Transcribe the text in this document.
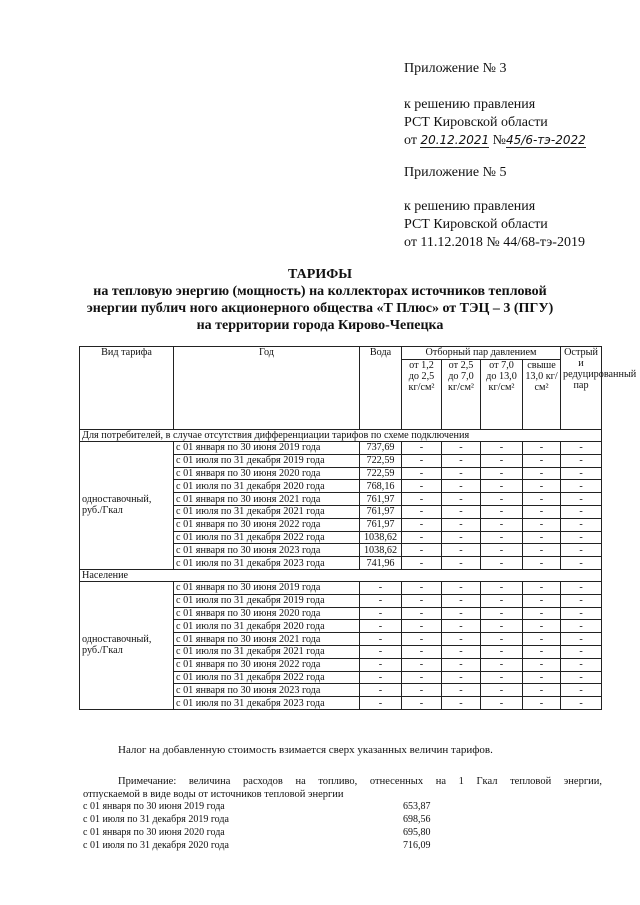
Приложение № 3
к решению правления
РСТ Кировской области
от 20.12.2021 №45/6-тэ-2022
Приложение № 5
к решению правления
РСТ Кировской области
от 11.12.2018 № 44/68-тэ-2019
ТАРИФЫ
на тепловую энергию (мощность) на коллекторах источников тепловой
энергии публич ного акционерного общества «Т Плюс» от ТЭЦ – 3 (ПГУ)
на территории города Кирово-Чепецка
Вид тарифа	Год	Вода	Отборный пар давлением				Острый и редуцированный пар
			от 1,2 до 2,5 кг/см²	от 2,5 до 7,0 кг/см²	от 7,0 до 13,0 кг/см²	свыше 13,0 кг/см²	
Для потребителей, в случае отсутствия дифференциации тарифов по схеме подключения							
одноставочный, руб./Гкал	с 01 января по 30 июня 2019 года	737,69	-	-	-	-	-
	с 01 июля по 31 декабря 2019 года	722,59	-	-	-	-	-
	с 01 января по 30 июня 2020 года	722,59	-	-	-	-	-
	с 01 июля по 31 декабря 2020 года	768,16	-	-	-	-	-
	с 01 января по 30 июня 2021 года	761,97	-	-	-	-	-
	с 01 июля по 31 декабря 2021 года	761,97	-	-	-	-	-
	с 01 января по 30 июня 2022 года	761,97	-	-	-	-	-
	с 01 июля по 31 декабря 2022 года	1038,62	-	-	-	-	-
	с 01 января по 30 июня 2023 года	1038,62	-	-	-	-	-
	с 01 июля по 31 декабря 2023 года	741,96	-	-	-	-	-
Население							
одноставочный, руб./Гкал	с 01 января по 30 июня 2019 года	-	-	-	-	-	-
	с 01 июля по 31 декабря 2019 года	-	-	-	-	-	-
	с 01 января по 30 июня 2020 года	-	-	-	-	-	-
	с 01 июля по 31 декабря 2020 года	-	-	-	-	-	-
	с 01 января по 30 июня 2021 года	-	-	-	-	-	-
	с 01 июля по 31 декабря 2021 года	-	-	-	-	-	-
	с 01 января по 30 июня 2022 года	-	-	-	-	-	-
	с 01 июля по 31 декабря 2022 года	-	-	-	-	-	-
	с 01 января по 30 июня 2023 года	-	-	-	-	-	-
	с 01 июля по 31 декабря 2023 года	-	-	-	-	-	-
Налог на добавленную стоимость взимается сверх указанных величин тарифов.
Примечание: величина расходов на топливо, отнесенных на 1 Гкал тепловой энергии,
отпускаемой в виде воды от источников тепловой энергии
с 01 января по 30 июня 2019 года	653,87
с 01 июля по 31 декабря 2019 года	698,56
с 01 января по 30 июня 2020 года	695,80
с 01 июля по 31 декабря 2020 года	716,09
